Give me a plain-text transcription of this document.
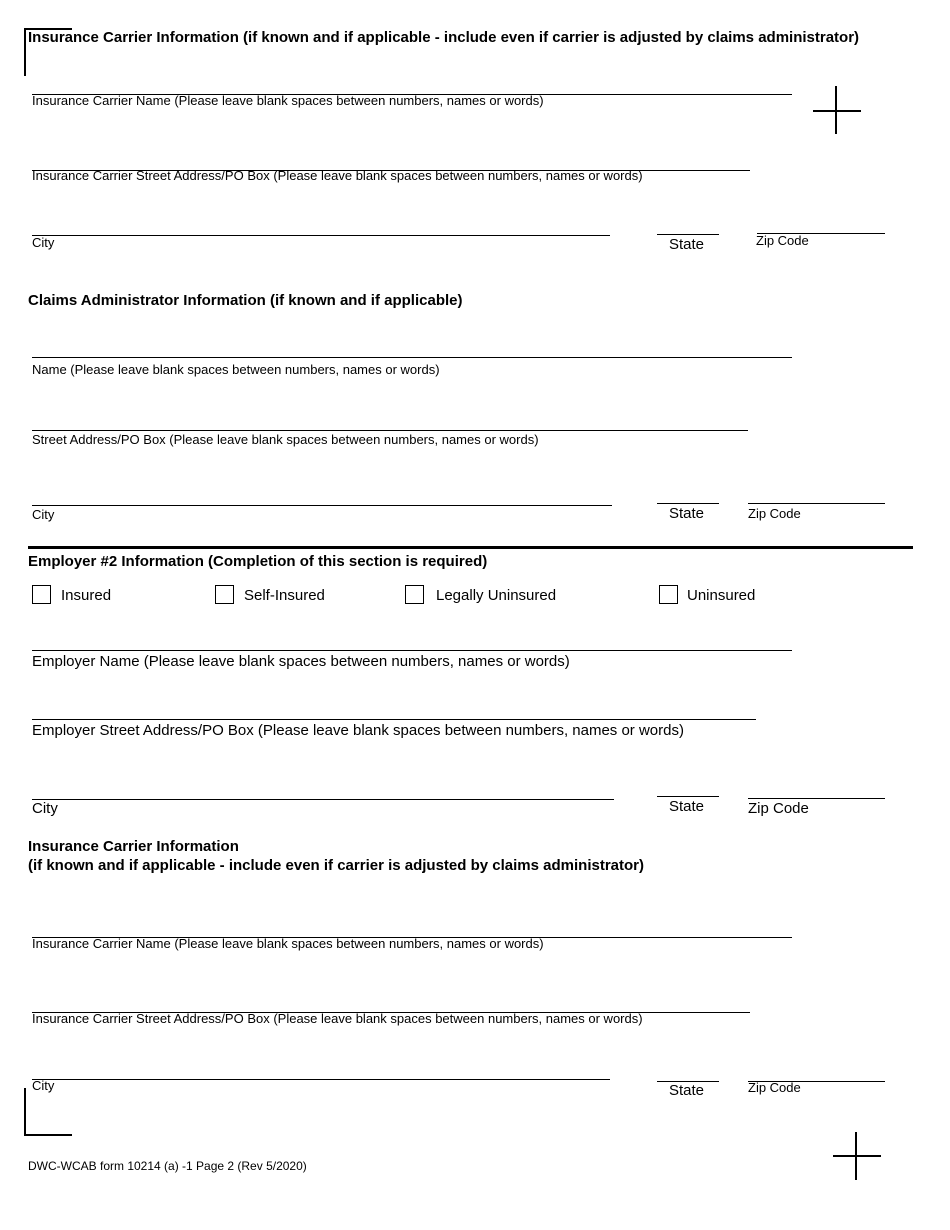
Insurance Carrier Information (if known and if applicable - include even if carrier is adjusted by claims administrator)
Insurance Carrier Name (Please leave blank spaces between numbers, names or words)
Insurance Carrier Street Address/PO Box (Please leave blank spaces between numbers, names or words)
City	State	Zip Code
Claims Administrator Information (if known and if applicable)
Name (Please leave blank spaces between numbers, names or words)
Street Address/PO Box (Please leave blank spaces between numbers, names or words)
City	State	Zip Code
Employer #2 Information (Completion of this section is required)
Insured	Self-Insured	Legally Uninsured	Uninsured
Employer Name (Please leave blank spaces between numbers, names or words)
Employer Street Address/PO Box (Please leave blank spaces between numbers, names or words)
City	State	Zip Code
Insurance Carrier Information
(if known and if applicable - include even if carrier is adjusted by claims administrator)
Insurance Carrier Name (Please leave blank spaces between numbers, names or words)
Insurance Carrier Street Address/PO Box (Please leave blank spaces between numbers, names or words)
City	State	Zip Code
DWC-WCAB form 10214 (a) -1 Page 2 (Rev 5/2020)
